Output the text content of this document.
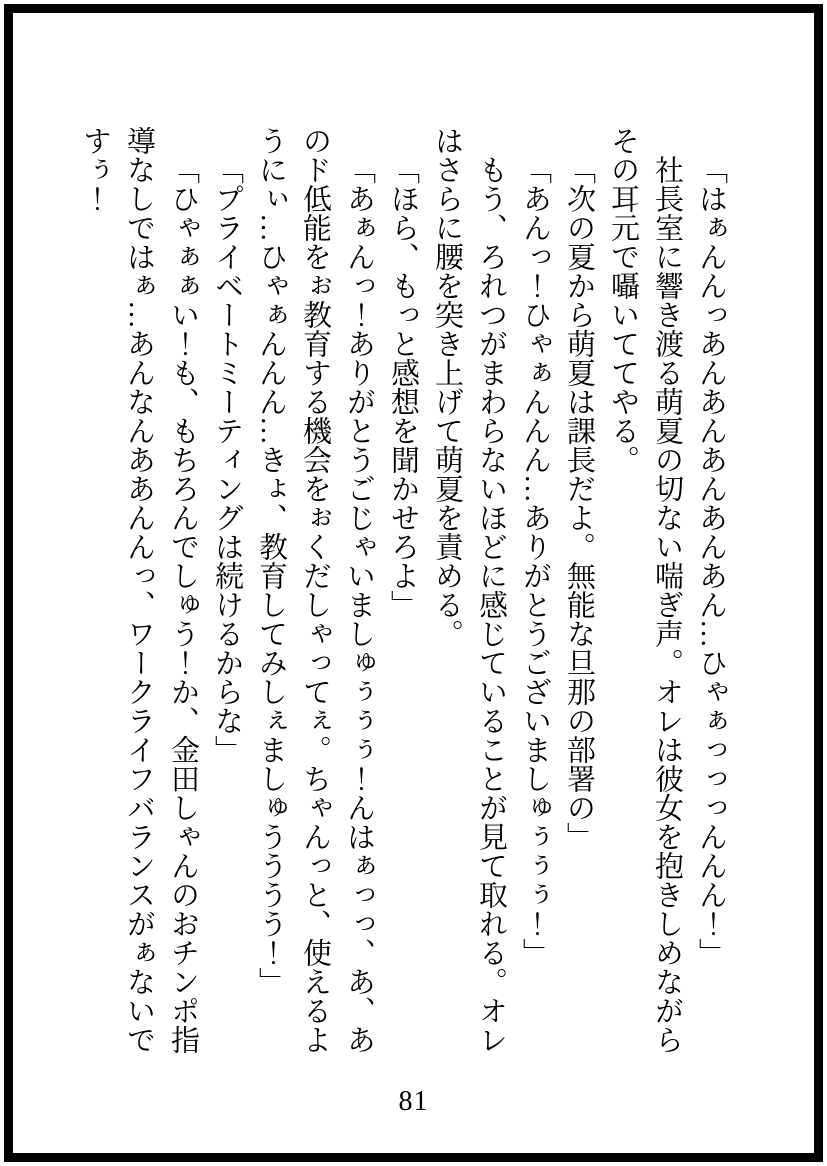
「はぁんんっあんあんあんあんあん…ひゃぁっっっんんん！」
社長室に響き渡る萌夏の切ない喘ぎ声。オレは彼女を抱きしめながら
その耳元で囁いててやる。
「次の夏から萌夏は課長だよ。無能な旦那の部署の」
「あんっ！ひゃぁんんん…ありがとうございましゅぅぅぅ！」
もう、ろれつがまわらないほどに感じていることが見て取れる。オレ
はさらに腰を突き上げて萌夏を責める。
「ほら、もっと感想を聞かせろよ」
「あぁんっ！ありがとうごじゃいましゅぅぅぅ！んはぁっっ、あ、あ
のド低能をぉ教育する機会をぉくだしゃってぇ。ちゃんっと、使えるよ
うにぃ…ひゃぁんんん…きょ、教育してみしぇましゅうううう！」
「プライベートミーティングは続けるからな」
「ひゃぁぁい！も、もちろんでしゅう！か、金田しゃんのおチンポ指
導なしではぁ…あんなんああんんっ、ワークライフバランスがぁないで
すぅ！
81
